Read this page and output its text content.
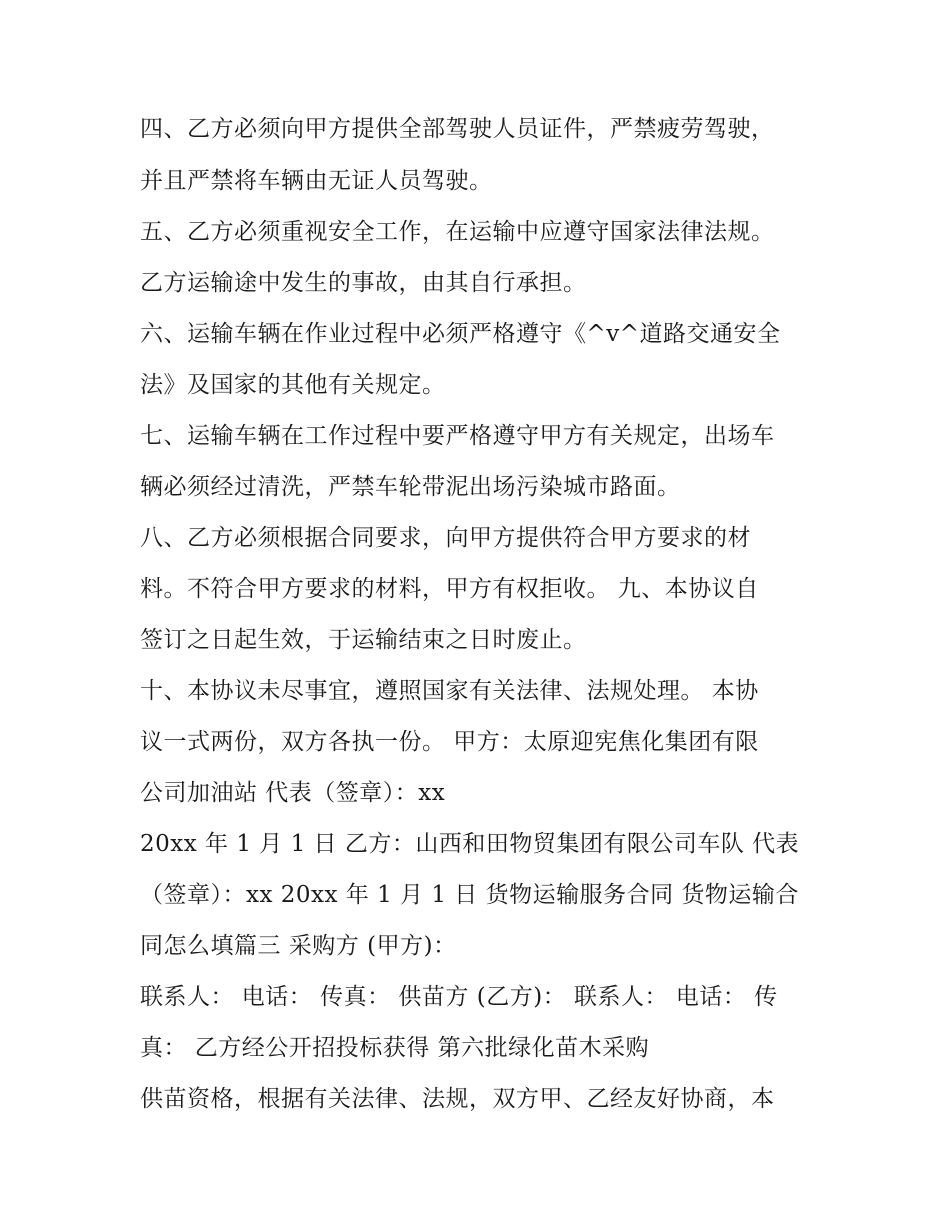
四、乙方必须向甲方提供全部驾驶人员证件，严禁疲劳驾驶，
并且严禁将车辆由无证人员驾驶。
五、乙方必须重视安全工作，在运输中应遵守国家法律法规。
乙方运输途中发生的事故，由其自行承担。
六、运输车辆在作业过程中必须严格遵守《^v^道路交通安全
法》及国家的其他有关规定。
七、运输车辆在工作过程中要严格遵守甲方有关规定，出场车
辆必须经过清洗，严禁车轮带泥出场污染城市路面。
八、乙方必须根据合同要求，向甲方提供符合甲方要求的材
料。不符合甲方要求的材料，甲方有权拒收。 九、本协议自
签订之日起生效，于运输结束之日时废止。
十、本协议未尽事宜，遵照国家有关法律、法规处理。 本协
议一式两份，双方各执一份。 甲方：太原迎宪焦化集团有限
公司加油站 代表（签章）：xx
20xx 年 1 月 1 日 乙方：山西和田物贸集团有限公司车队 代表
（签章）：xx 20xx 年 1 月 1 日 货物运输服务合同 货物运输合
同怎么填篇三 采购方 (甲方)：
联系人： 电话： 传真： 供苗方 (乙方)： 联系人： 电话： 传
真： 乙方经公开招投标获得 第六批绿化苗木采购
供苗资格，根据有关法律、法规，双方甲、乙经友好协商，本
